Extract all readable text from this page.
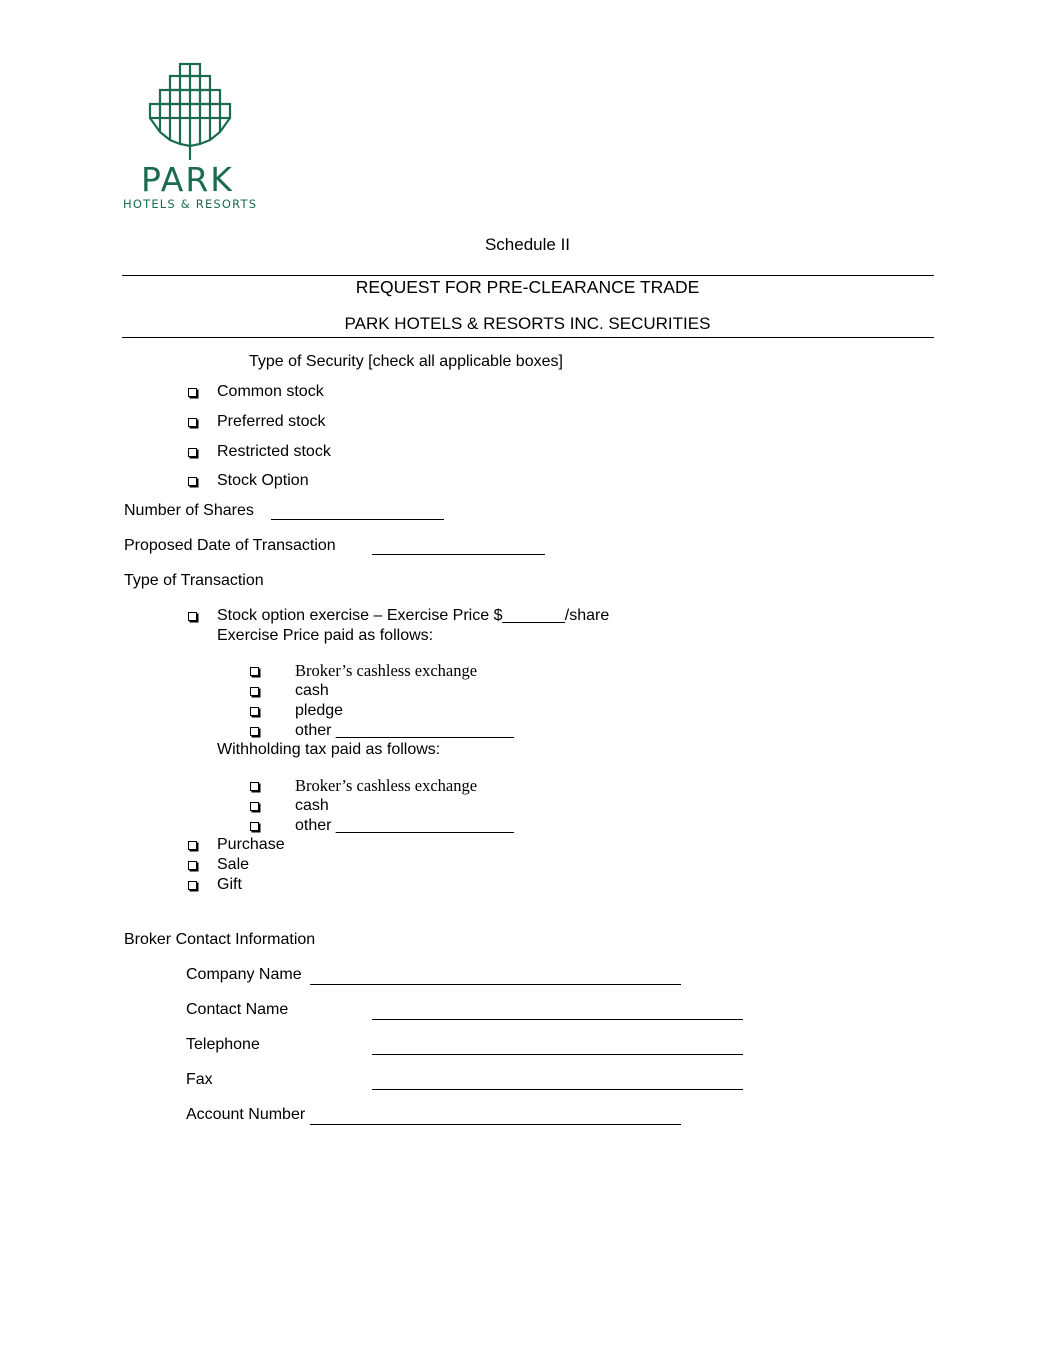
PARK
HOTELS & RESORTS
Schedule II
REQUEST FOR PRE-CLEARANCE TRADE
PARK HOTELS & RESORTS INC. SECURITIES
Type of Security [check all applicable boxes]
Common stock
Preferred stock
Restricted stock
Stock Option
Number of Shares
Proposed Date of Transaction
Type of Transaction
Stock option exercise – Exercise Price $_______/share
Exercise Price paid as follows:
Broker’s cashless exchange
cash
pledge
other ____________________
Withholding tax paid as follows:
Broker’s cashless exchange
cash
other ____________________
Purchase
Sale
Gift
Broker Contact Information
Company Name
Contact Name
Telephone
Fax
Account Number
